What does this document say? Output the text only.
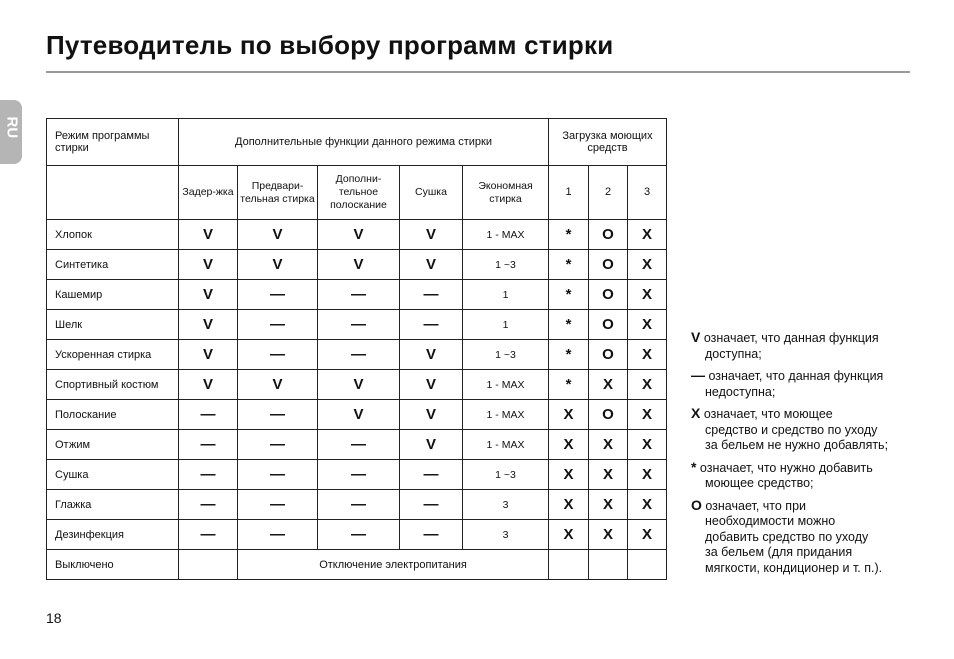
Путеводитель по выбору программ стирки
RU	Режим программы стирки	Дополнительные функции данного режима стирки					Загрузка моющих средств		
	Задер-жка	Предвари-тельная стирка	Дополни-тельное полоскание	Сушка	Экономная стирка	1	2	3
Хлопок	V	V	V	V	1 - MAX	*	O	X
Синтетика	V	V	V	V	1 ~3	*	O	X
Кашемир	V	—	—	—	1	*	O	X
Шелк	V	—	—	—	1	*	O	X
Ускоренная стирка	V	—	—	V	1 ~3	*	O	X
Спортивный костюм	V	V	V	V	1 - MAX	*	X	X
Полоскание	—	—	V	V	1 - MAX	X	O	X
Отжим	—	—	—	V	1 - MAX	X	X	X
Сушка	—	—	—	—	1 ~3	X	X	X
Глажка	—	—	—	—	3	X	X	X
Дезинфекция	—	—	—	—	3	X	X	X
Выключено		Отключение электропитания						
V означает, что данная функция
доступна;
— означает, что данная функция
недоступна;
X означает, что моющее
средство и средство по уходу
за бельем не нужно добавлять;
* означает, что нужно добавить
моющее средство;
O означает, что при
необходимости можно
добавить средство по уходу
за бельем (для придания
мягкости, кондиционер и т. п.).
18
